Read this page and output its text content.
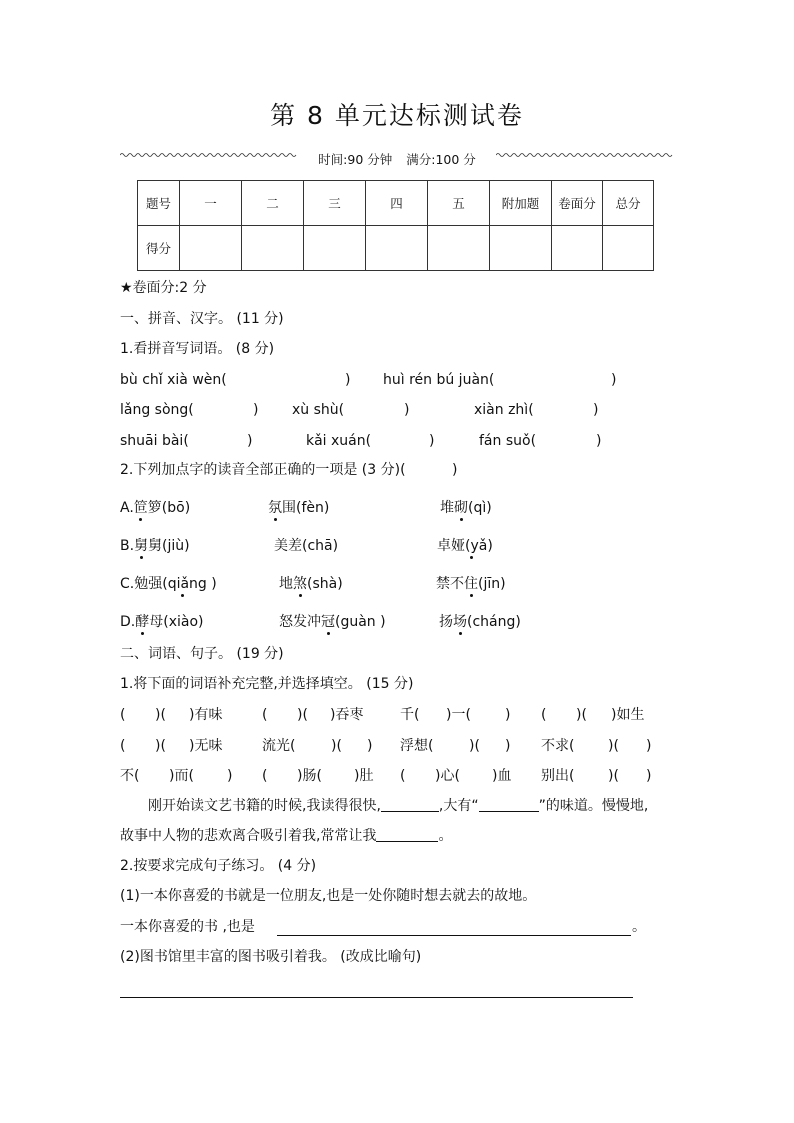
第 8 单元达标测试卷
时间:90 分钟 满分:100 分
题号	一	二	三	四	五	附加题	卷面分	总分
得分								
★卷面分:2 分
一、拼音、汉字。 (11 分)
1.看拼音写词语。 (8 分)
bù chǐ xià wèn(	) huì rén bú juàn(	)
lǎng sòng(	) xù shù(	)	xiàn zhì(	)
shuāi bài(	)	kǎi xuán(	)	fán suǒ(	)
2.下列加点字的读音全部正确的一项是 (3 分)(	)
A.笸箩(bō)	氛围(fèn)	堆砌(qì)
B.舅舅(jiù)	美差(chā)	卓娅(yǎ)
C.勉强(qiǎng )	地煞(shà)	禁不住(jīn)
D.酵母(xiào)	怒发冲冠(guàn )	扬场(cháng)
二、词语、句子。 (19 分)
1.将下面的词语补充完整,并选择填空。 (15 分)
( )( )有味	( )( )吞枣	千( )一( ) ( )( )如生
( )( )无味	流光(	)( ) 浮想(	)( ) 不求( )( )
不( )而( ) ( )肠( )肚 ( )心( )血 别出( )( )
刚开始读文艺书籍的时候,我读得很快,	,大有“	”的味道。慢慢地,
故事中人物的悲欢离合吸引着我,常常让我	。
2.按要求完成句子练习。 (4 分)
(1)一本你喜爱的书就是一位朋友,也是一处你随时想去就去的故地。
一本你喜爱的书 ,也是	。
(2)图书馆里丰富的图书吸引着我。 (改成比喻句)
